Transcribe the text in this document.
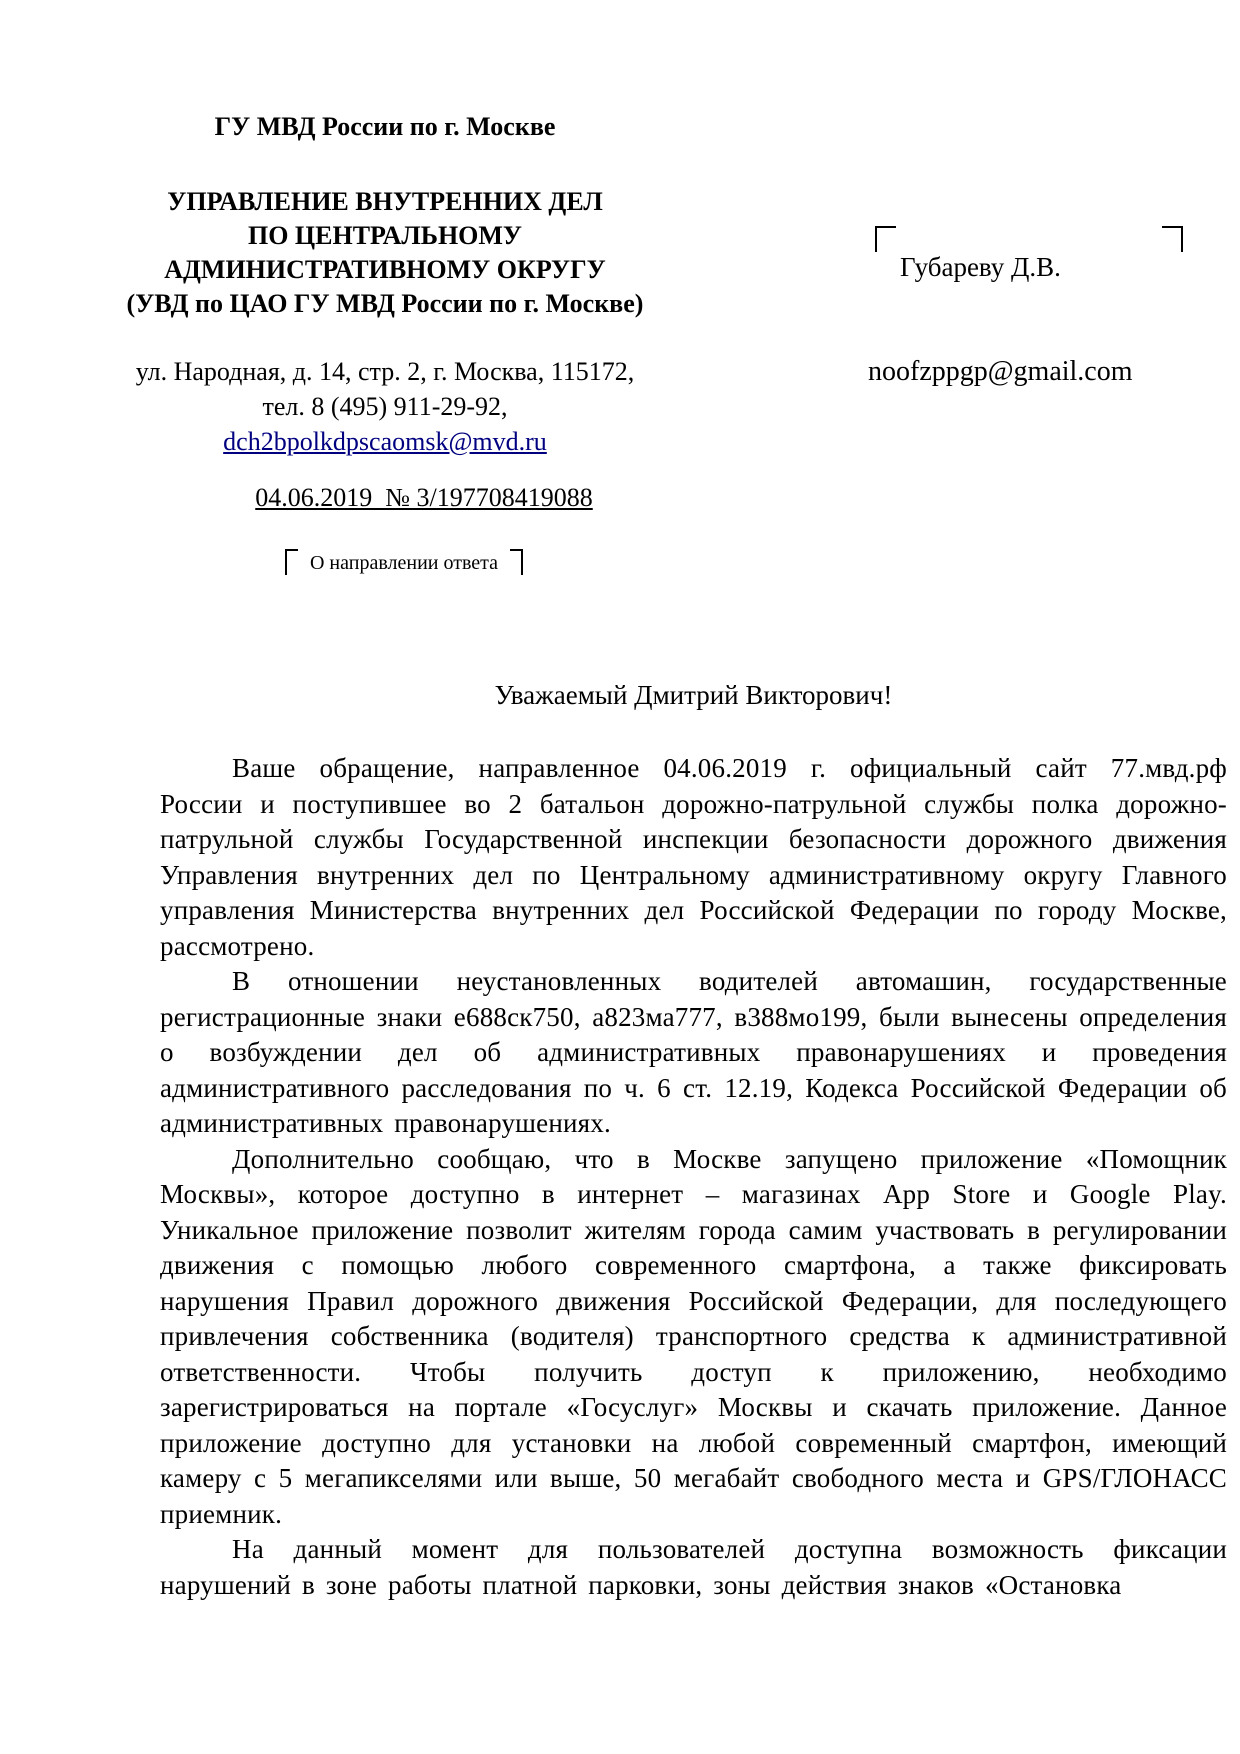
ГУ МВД России по г. Москве
УПРАВЛЕНИЕ ВНУТРЕННИХ ДЕЛ
ПО ЦЕНТРАЛЬНОМУ
АДМИНИСТРАТИВНОМУ ОКРУГУ
(УВД по ЦАО ГУ МВД России по г. Москве)
ул. Народная, д. 14, стр. 2, г. Москва, 115172,
тел. 8 (495) 911-29-92,
dch2bpolkdpscaomsk@mvd.ru
04.06.2019  № 3/197708419088
О направлении ответа
Губареву Д.В.
noofzppgp@gmail.com
Уважаемый Дмитрий Викторович!

Ваше обращение, направленное 04.06.2019 г. официальный сайт 77.мвд.рф России и поступившее во 2 батальон дорожно-патрульной службы полка дорожно-патрульной службы Государственной инспекции безопасности дорожного движения Управления внутренних дел по Центральному административному округу Главного управления Министерства внутренних дел Российской Федерации по городу Москве, рассмотрено.

В отношении неустановленных водителей автомашин, государственные регистрационные знаки е688ск750, а823ма777, в388мо199, были вынесены определения о возбуждении дел об административных правонарушениях и проведения административного расследования по ч. 6 ст. 12.19, Кодекса Российской Федерации об административных правонарушениях.

Дополнительно сообщаю, что в Москве запущено приложение «Помощник Москвы», которое доступно в интернет – магазинах App Store и Google Play. Уникальное приложение позволит жителям города самим участвовать в регулировании движения с помощью любого современного смартфона, а также фиксировать нарушения Правил дорожного движения Российской Федерации, для последующего привлечения собственника (водителя) транспортного средства к административной ответственности. Чтобы получить доступ к приложению, необходимо зарегистрироваться на портале «Госуслуг» Москвы и скачать приложение. Данное приложение доступно для установки на любой современный смартфон, имеющий камеру с 5 мегапикселями или выше, 50 мегабайт свободного места и GPS/ГЛОНАСС приемник.

На данный момент для пользователей доступна возможность фиксации нарушений в зоне работы платной парковки, зоны действия знаков «Остановка
